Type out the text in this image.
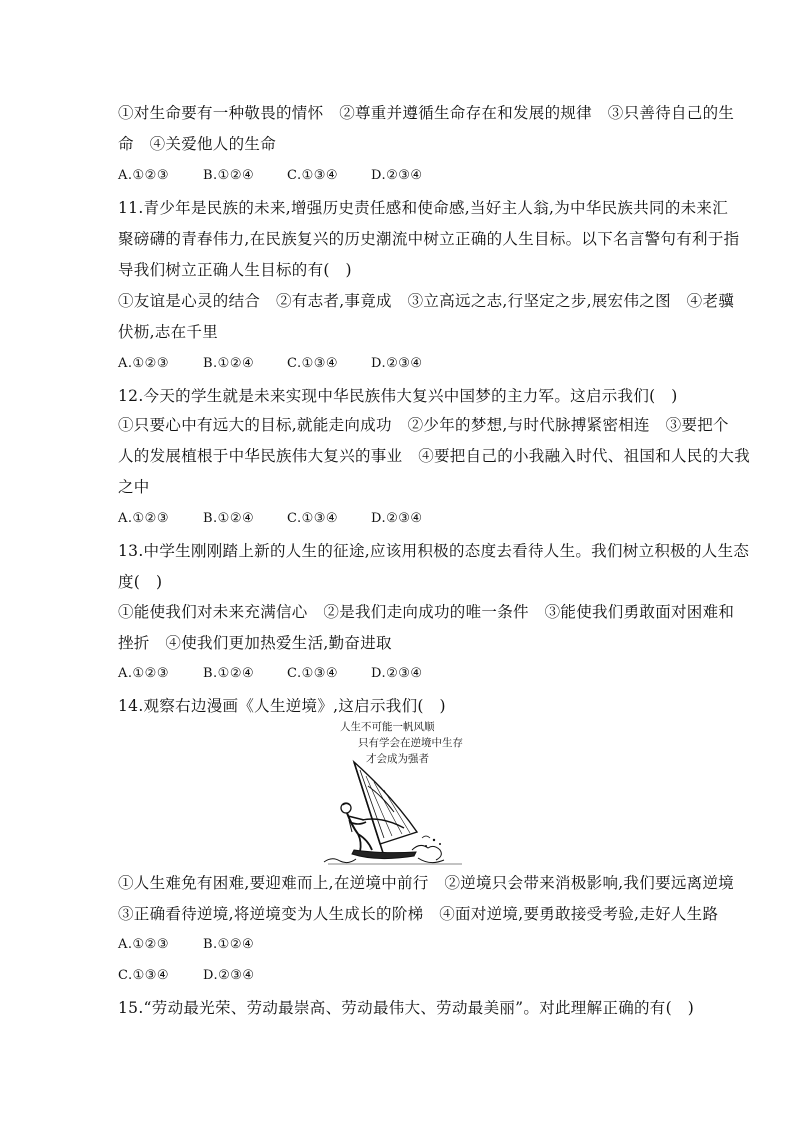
①对生命要有一种敬畏的情怀　②尊重并遵循生命存在和发展的规律　③只善待自己的生
命　④关爱他人的生命
A.①②③	B.①②④	C.①③④	D.②③④
11.青少年是民族的未来,增强历史责任感和使命感,当好主人翁,为中华民族共同的未来汇
聚磅礴的青春伟力,在民族复兴的历史潮流中树立正确的人生目标。以下名言警句有利于指
导我们树立正确人生目标的有(　)
①友谊是心灵的结合　②有志者,事竟成　③立高远之志,行坚定之步,展宏伟之图　④老骥
伏枥,志在千里
A.①②③	B.①②④	C.①③④	D.②③④
12.今天的学生就是未来实现中华民族伟大复兴中国梦的主力军。这启示我们(　)
①只要心中有远大的目标,就能走向成功　②少年的梦想,与时代脉搏紧密相连　③要把个
人的发展植根于中华民族伟大复兴的事业　④要把自己的小我融入时代、祖国和人民的大我
之中
A.①②③	B.①②④	C.①③④	D.②③④
13.中学生刚刚踏上新的人生的征途,应该用积极的态度去看待人生。我们树立积极的人生态
度(　)
①能使我们对未来充满信心　②是我们走向成功的唯一条件　③能使我们勇敢面对困难和
挫折　④使我们更加热爱生活,勤奋进取
A.①②③	B.①②④	C.①③④	D.②③④
14.观察右边漫画《人生逆境》,这启示我们(　)
人生不可能一帆风顺
只有学会在逆境中生存
才会成为强者
①人生难免有困难,要迎难而上,在逆境中前行　②逆境只会带来消极影响,我们要远离逆境
③正确看待逆境,将逆境变为人生成长的阶梯　④面对逆境,要勇敢接受考验,走好人生路
A.①②③	B.①②④
C.①③④	D.②③④
15.“劳动最光荣、劳动最崇高、劳动最伟大、劳动最美丽”。对此理解正确的有(　)
